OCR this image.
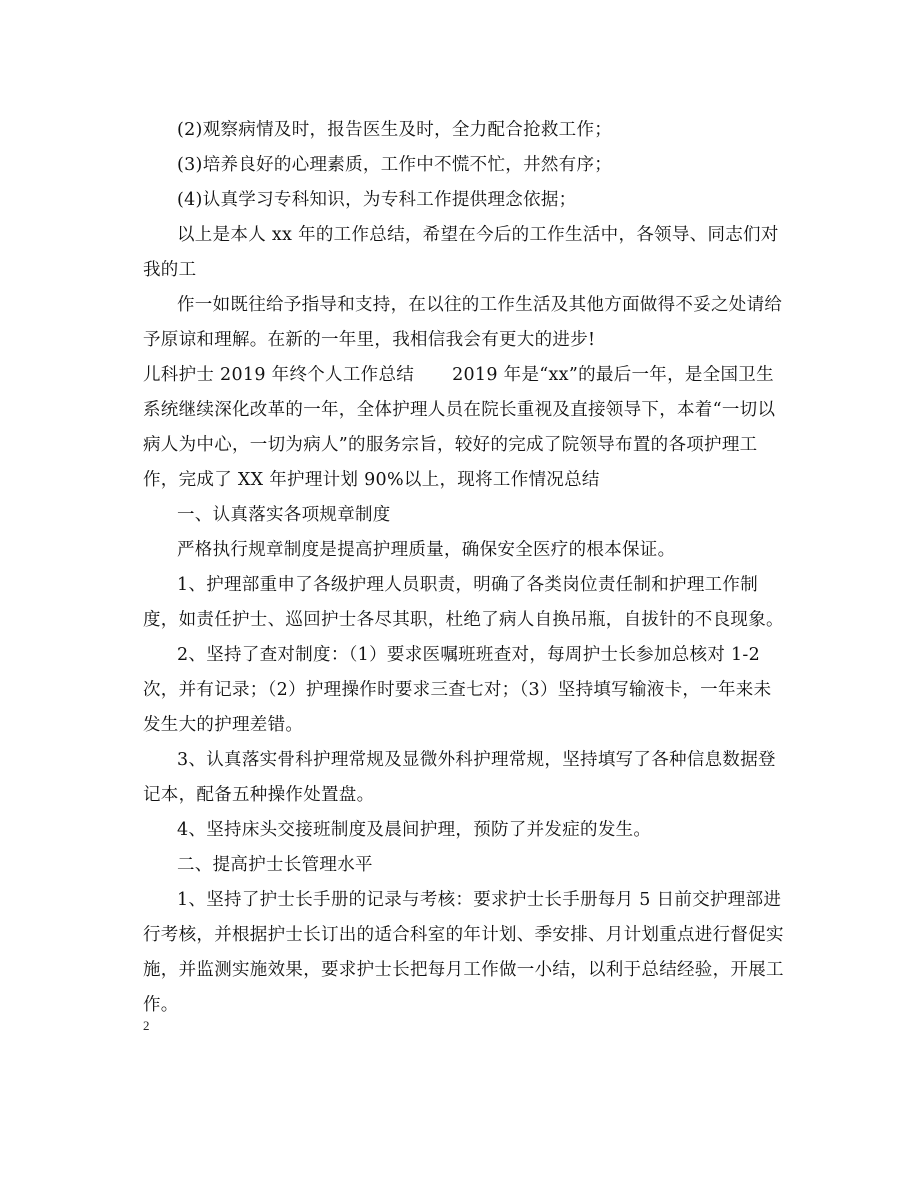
(2)观察病情及时，报告医生及时，全力配合抢救工作；

(3)培养良好的心理素质，工作中不慌不忙，井然有序；

(4)认真学习专科知识，为专科工作提供理念依据；

以上是本人 xx 年的工作总结，希望在今后的工作生活中，各领导、同志们对我的工

作一如既往给予指导和支持，在以往的工作生活及其他方面做得不妥之处请给予原谅和理解。在新的一年里，我相信我会有更大的进步!

儿科护士 2019 年终个人工作总结 2019 年是“xx”的最后一年，是全国卫生系统继续深化改革的一年，全体护理人员在院长重视及直接领导下，本着“一切以病人为中心，一切为病人”的服务宗旨，较好的完成了院领导布置的各项护理工作，完成了 XX 年护理计划 90%以上，现将工作情况总结

一、认真落实各项规章制度

严格执行规章制度是提高护理质量，确保安全医疗的根本保证。

1、护理部重申了各级护理人员职责，明确了各类岗位责任制和护理工作制度，如责任护士、巡回护士各尽其职，杜绝了病人自换吊瓶，自拔针的不良现象。

2、坚持了查对制度：（1）要求医嘱班班查对，每周护士长参加总核对 1-2 次，并有记录；（2）护理操作时要求三查七对；（3）坚持填写输液卡，一年来未发生大的护理差错。

3、认真落实骨科护理常规及显微外科护理常规，坚持填写了各种信息数据登记本，配备五种操作处置盘。

4、坚持床头交接班制度及晨间护理，预防了并发症的发生。

二、提高护士长管理水平

1、坚持了护士长手册的记录与考核：要求护士长手册每月 5 日前交护理部进行考核，并根据护士长订出的适合科室的年计划、季安排、月计划重点进行督促实施，并监测实施效果，要求护士长把每月工作做一小结，以利于总结经验，开展工作。

2
